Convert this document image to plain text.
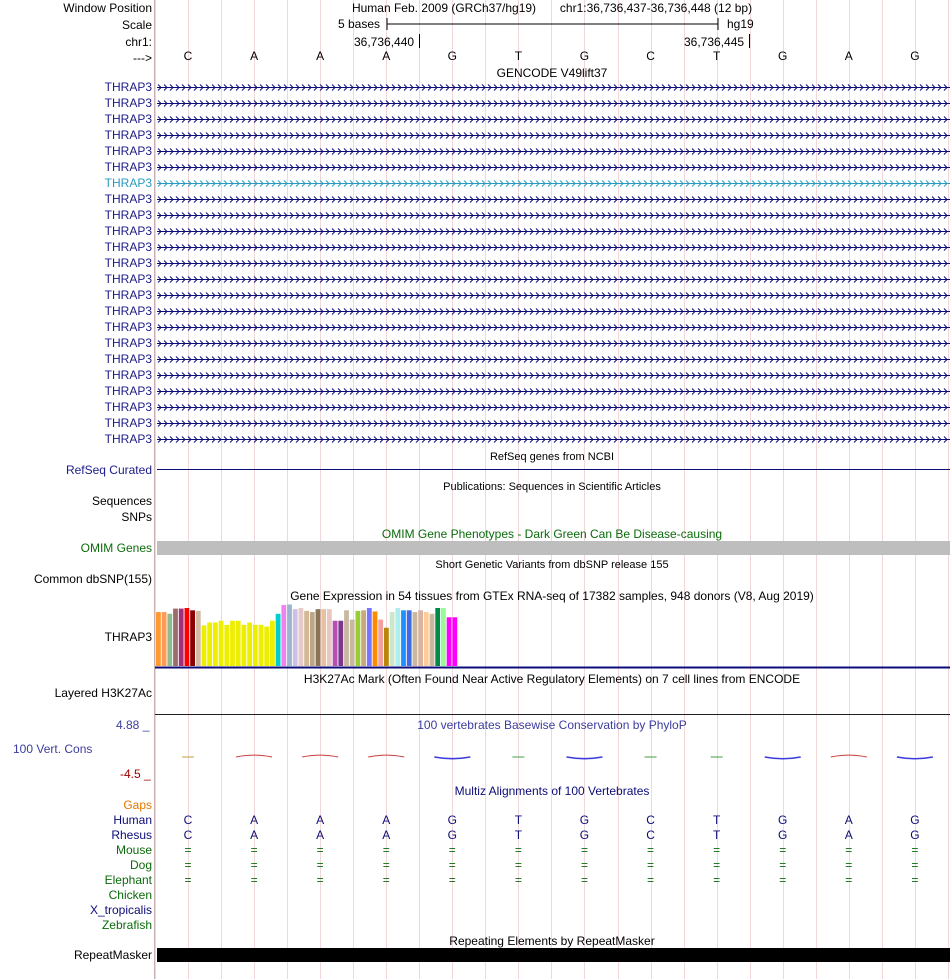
Window Position
Scale
chr1:
--->
Human Feb. 2009 (GRCh37/hg19) chr1:36,736,437-36,736,448 (12 bp)
5 bases	hg19
36,736,440	36,736,445
C	A	A	A	G	T	G	C	T	G	A	G
GENCODE V49lift37
THRAP3
THRAP3
THRAP3
THRAP3
THRAP3
THRAP3
THRAP3
THRAP3
THRAP3
THRAP3
THRAP3
THRAP3
THRAP3
THRAP3
THRAP3
THRAP3
THRAP3
THRAP3
THRAP3
THRAP3
THRAP3
THRAP3
THRAP3
RefSeq genes from NCBI
RefSeq Curated
Publications: Sequences in Scientific Articles
Sequences
SNPs
OMIM Gene Phenotypes - Dark Green Can Be Disease-causing
OMIM Genes
Short Genetic Variants from dbSNP release 155
Common dbSNP(155)
Gene Expression in 54 tissues from GTEx RNA-seq of 17382 samples, 948 donors (V8, Aug 2019)
THRAP3
H3K27Ac Mark (Often Found Near Active Regulatory Elements) on 7 cell lines from ENCODE
Layered H3K27Ac
100 vertebrates Basewise Conservation by PhyloP
4.88 _
100 Vert. Cons
-4.5 _
Multiz Alignments of 100 Vertebrates
Gaps
Human	C	A	A	A	G	T	G	C	T	G	A	G
Rhesus	C	A	A	A	G	T	G	C	T	G	A	G
Mouse	=	=	=	=	=	=	=	=	=	=	=	=
Dog	=	=	=	=	=	=	=	=	=	=	=	=
Elephant	=	=	=	=	=	=	=	=	=	=	=	=
Chicken
X_tropicalis
Zebrafish
Repeating Elements by RepeatMasker
RepeatMasker
